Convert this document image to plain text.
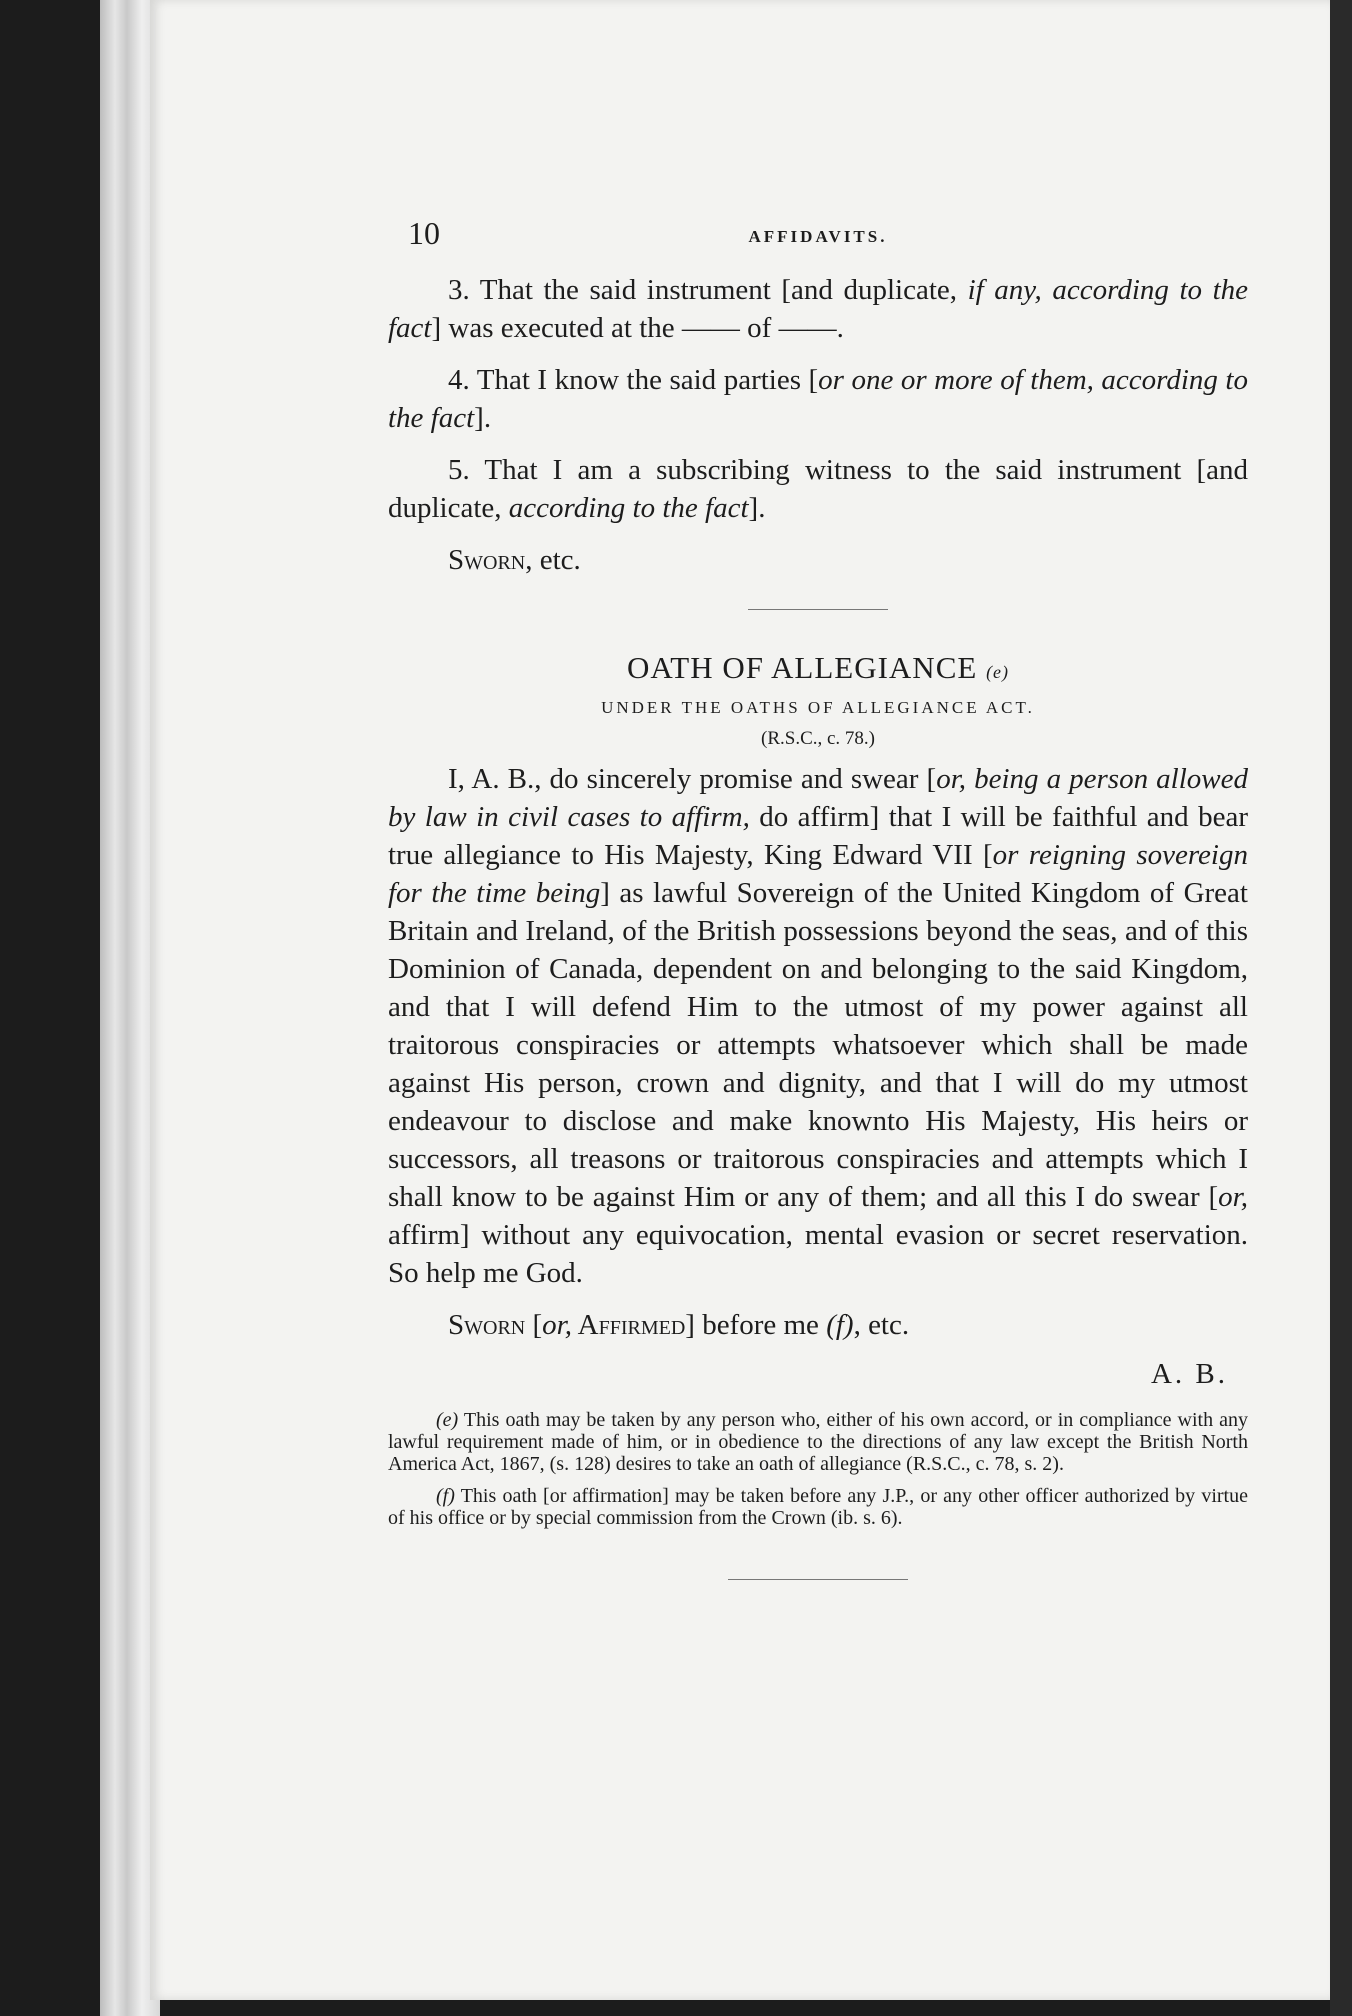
10	AFFIDAVITS.

3. That the said instrument [and duplicate, if any, according to the fact] was executed at the —— of ——.

4. That I know the said parties [or one or more of them, according to the fact].

5. That I am a subscribing witness to the said instrument [and duplicate, according to the fact].

Sworn, etc.

OATH OF ALLEGIANCE (e)
UNDER THE OATHS OF ALLEGIANCE ACT.
(R.S.C., c. 78.)

I, A. B., do sincerely promise and swear [or, being a person allowed by law in civil cases to affirm, do affirm] that I will be faithful and bear true allegiance to His Majesty, King Edward VII [or reigning sovereign for the time being] as lawful Sovereign of the United Kingdom of Great Britain and Ireland, of the British possessions beyond the seas, and of this Dominion of Canada, dependent on and belonging to the said Kingdom, and that I will defend Him to the utmost of my power against all traitorous conspiracies or attempts whatsoever which shall be made against His person, crown and dignity, and that I will do my utmost endeavour to disclose and make knownto His Majesty, His heirs or successors, all treasons or traitorous conspiracies and attempts which I shall know to be against Him or any of them; and all this I do swear [or, affirm] without any equivocation, mental evasion or secret reservation. So help me God.

Sworn [or, Affirmed] before me (f), etc.

A. B.

(e) This oath may be taken by any person who, either of his own accord, or in compliance with any lawful requirement made of him, or in obedience to the directions of any law except the British North America Act, 1867, (s. 128) desires to take an oath of allegiance (R.S.C., c. 78, s. 2).

(f) This oath [or affirmation] may be taken before any J.P., or any other officer authorized by virtue of his office or by special commission from the Crown (ib. s. 6).
